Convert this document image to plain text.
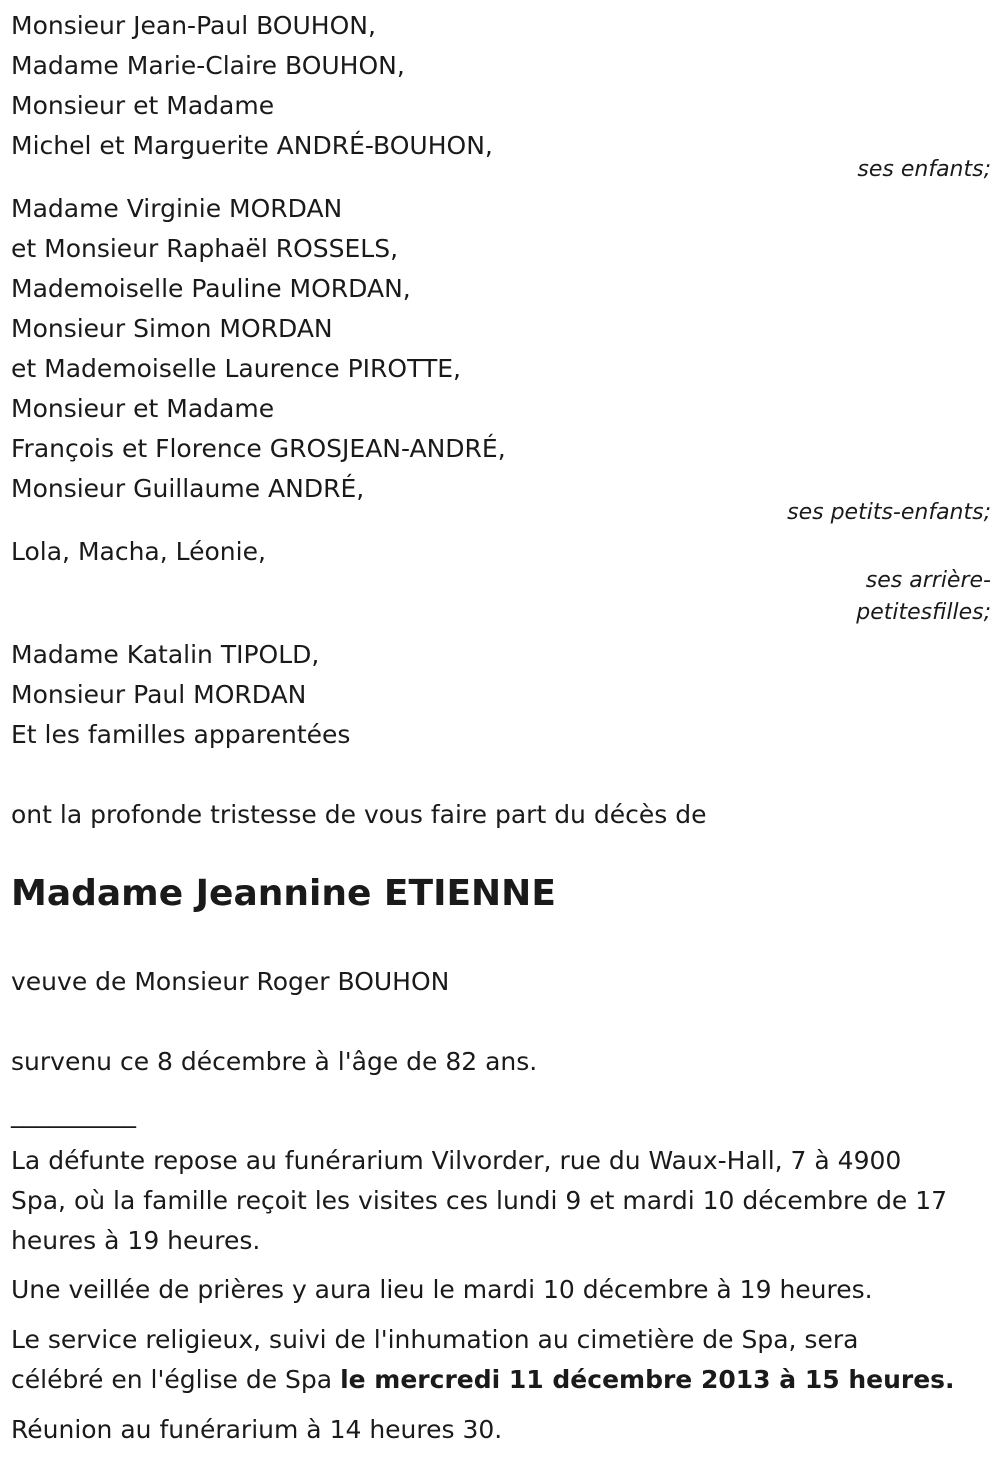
Monsieur Jean-Paul BOUHON,

Madame Marie-Claire BOUHON,

Monsieur et Madame

Michel et Marguerite ANDRÉ-BOUHON,

ses enfants;

Madame Virginie MORDAN

et Monsieur Raphaël ROSSELS,

Mademoiselle Pauline MORDAN,

Monsieur Simon MORDAN

et Mademoiselle Laurence PIROTTE,

Monsieur et Madame

François et Florence GROSJEAN-ANDRÉ,

Monsieur Guillaume ANDRÉ,

ses petits-enfants;

Lola, Macha, Léonie,

ses arrière-

petitesfilles;

Madame Katalin TIPOLD,

Monsieur Paul MORDAN

Et les familles apparentées

ont la profonde tristesse de vous faire part du décès de

Madame Jeannine ETIENNE

veuve de Monsieur Roger BOUHON

survenu ce 8 décembre à l'âge de 82 ans.

__________

La défunte repose au funérarium Vilvorder, rue du Waux-Hall, 7 à 4900

Spa, où la famille reçoit les visites ces lundi 9 et mardi 10 décembre de 17

heures à 19 heures.

Une veillée de prières y aura lieu le mardi 10 décembre à 19 heures.

Le service religieux, suivi de l'inhumation au cimetière de Spa, sera

célébré en l'église de Spa le mercredi 11 décembre 2013 à 15 heures.

Réunion au funérarium à 14 heures 30.
